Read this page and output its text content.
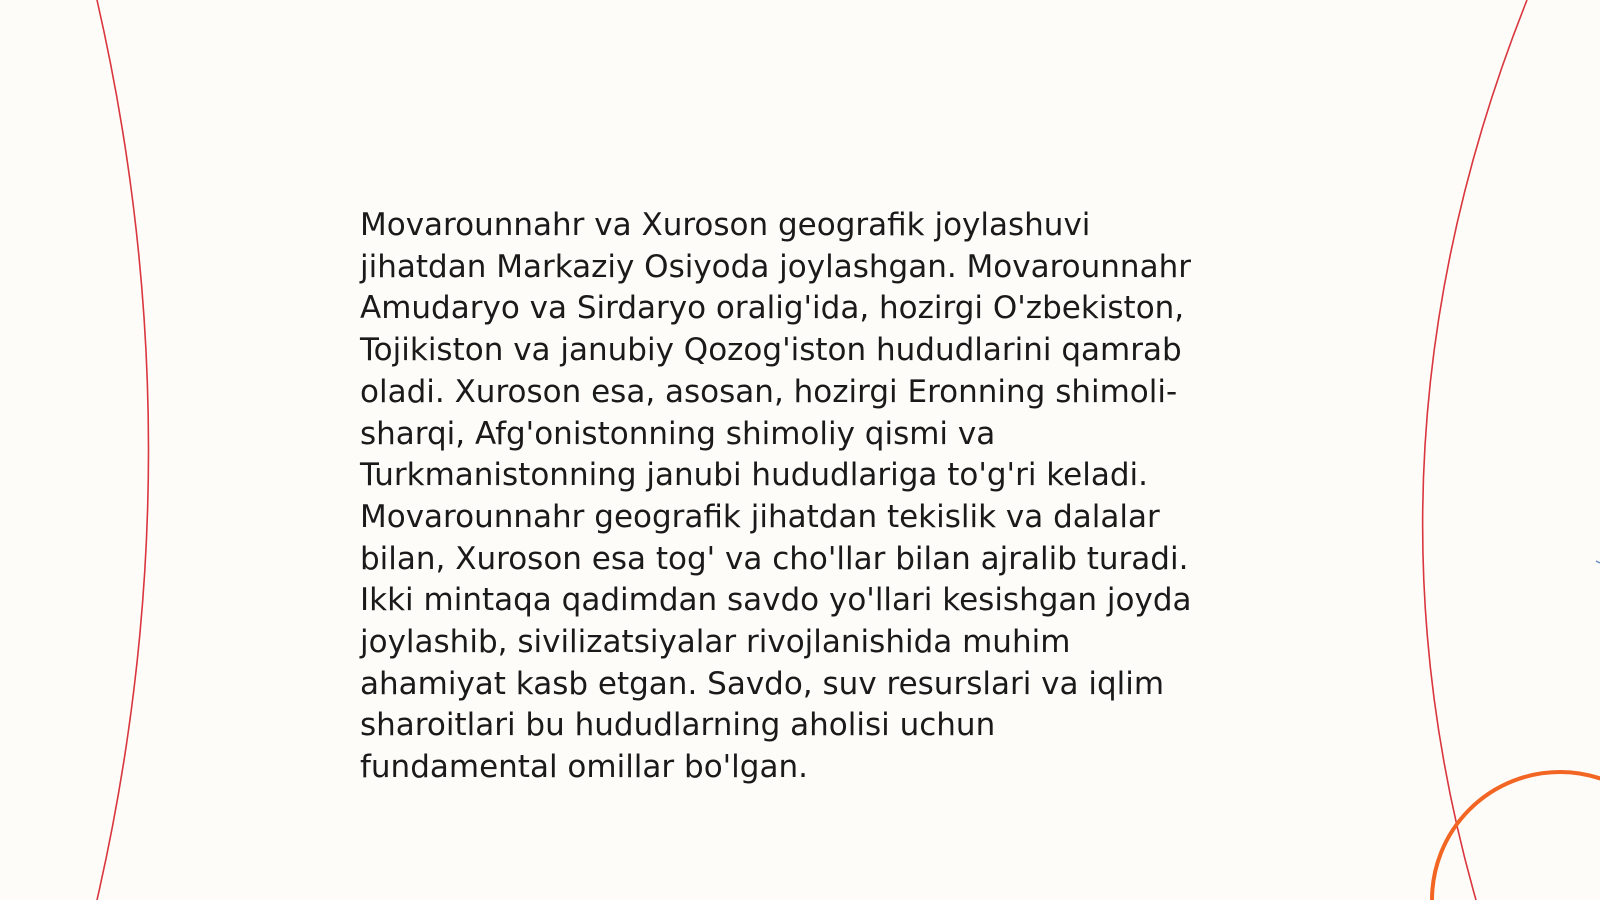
Movarounnahr va Xuroson geografik joylashuvi
jihatdan Markaziy Osiyoda joylashgan. Movarounnahr
Amudaryo va Sirdaryo oralig'ida, hozirgi O'zbekiston,
Tojikiston va janubiy Qozog'iston hududlarini qamrab
oladi. Xuroson esa, asosan, hozirgi Eronning shimoli-
sharqi, Afg'onistonning shimoliy qismi va
Turkmanistonning janubi hududlariga to'g'ri keladi.
Movarounnahr geografik jihatdan tekislik va dalalar
bilan, Xuroson esa tog' va cho'llar bilan ajralib turadi.
Ikki mintaqa qadimdan savdo yo'llari kesishgan joyda
joylashib, sivilizatsiyalar rivojlanishida muhim
ahamiyat kasb etgan. Savdo, suv resurslari va iqlim
sharoitlari bu hududlarning aholisi uchun
fundamental omillar bo'lgan.
